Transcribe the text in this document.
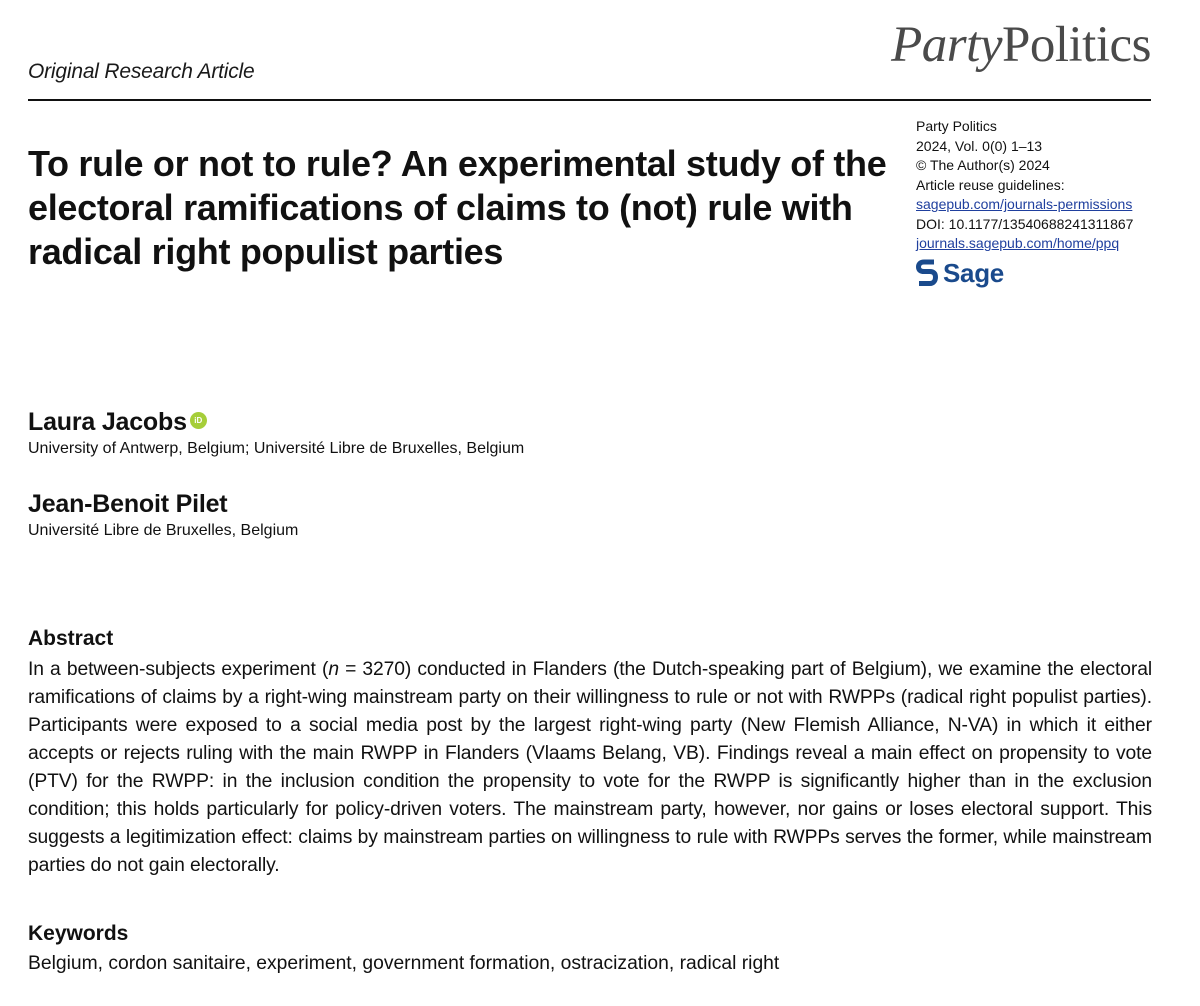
Original Research Article	PartyPolitics
To rule or not to rule? An experimental study of the electoral ramifications of claims to (not) rule with radical right populist parties
Party Politics
2024, Vol. 0(0) 1–13
© The Author(s) 2024
Article reuse guidelines:
sagepub.com/journals-permissions
DOI: 10.1177/13540688241311867
journals.sagepub.com/home/ppq
Sage
Laura Jacobs iD
University of Antwerp, Belgium; Université Libre de Bruxelles, Belgium
Jean-Benoit Pilet
Université Libre de Bruxelles, Belgium
Abstract

In a between-subjects experiment (n = 3270) conducted in Flanders (the Dutch-speaking part of Belgium), we examine the electoral ramifications of claims by a right-wing mainstream party on their willingness to rule or not with RWPPs (radical right populist parties). Participants were exposed to a social media post by the largest right-wing party (New Flemish Alliance, N-VA) in which it either accepts or rejects ruling with the main RWPP in Flanders (Vlaams Belang, VB). Findings reveal a main effect on propensity to vote (PTV) for the RWPP: in the inclusion condition the propensity to vote for the RWPP is significantly higher than in the exclusion condition; this holds particularly for policy-driven voters. The mainstream party, however, nor gains or loses electoral support. This suggests a legitimization effect: claims by mainstream parties on willingness to rule with RWPPs serves the former, while mainstream parties do not gain electorally.

Keywords

Belgium, cordon sanitaire, experiment, government formation, ostracization, radical right
